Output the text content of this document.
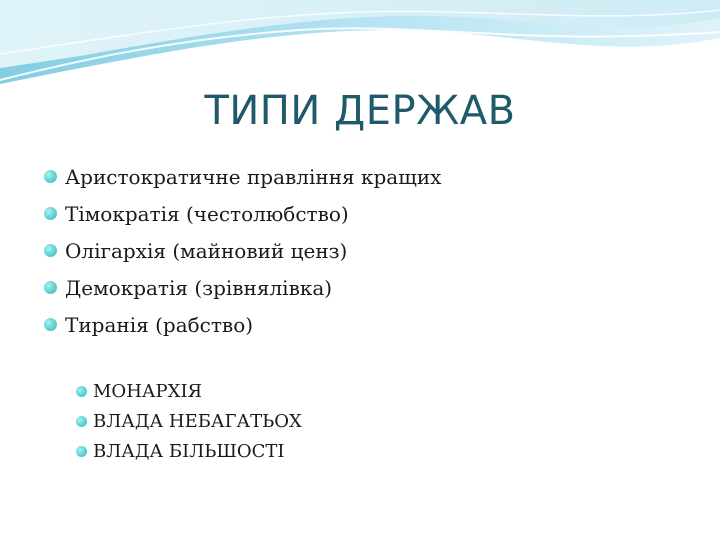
ТИПИ ДЕРЖАВ
Аристократичне правління кращих
Тімократія (честолюбство)
Олігархія (майновий ценз)
Демократія (зрівнялівка)
Тиранія (рабство)
МОНАРХІЯ
ВЛАДА НЕБАГАТЬОХ
ВЛАДА БІЛЬШОСТІ
